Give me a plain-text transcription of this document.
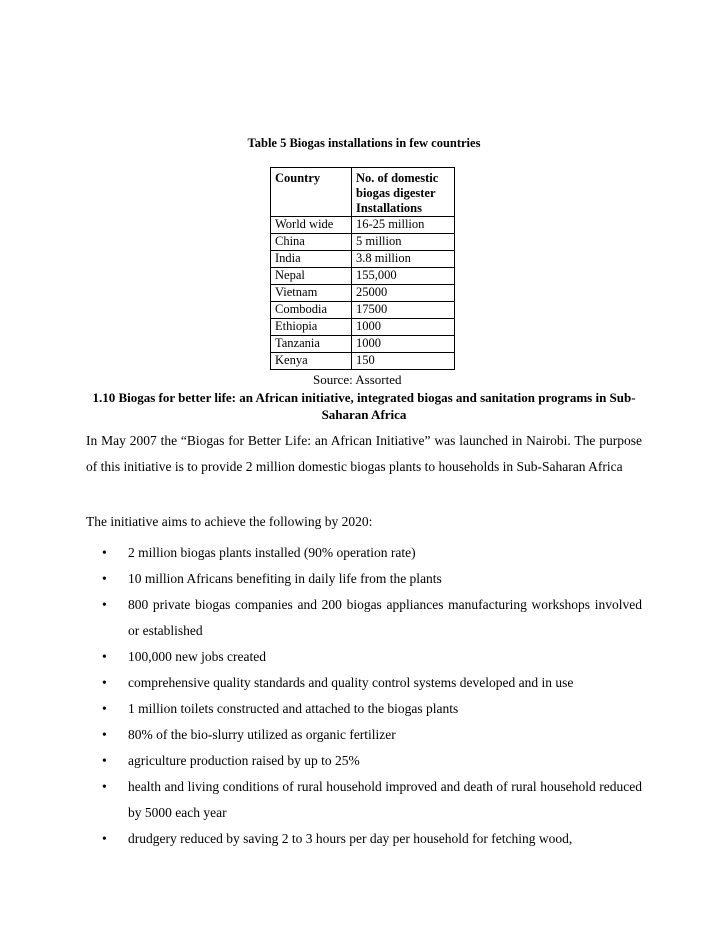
Table 5 Biogas installations in few countries
Country	No. of domestic biogas digester Installations
World wide	16-25 million
China	5 million
India	3.8 million
Nepal	155,000
Vietnam	25000
Combodia	17500
Ethiopia	1000
Tanzania	1000
Kenya	150
Source: Assorted
1.10 Biogas for better life: an African initiative, integrated biogas and sanitation programs in Sub-Saharan Africa
In May 2007 the “Biogas for Better Life: an African Initiative” was launched in Nairobi. The purpose of this initiative is to provide 2 million domestic biogas plants to households in Sub-Saharan Africa
The initiative aims to achieve the following by 2020:
• 2 million biogas plants installed (90% operation rate)
• 10 million Africans benefiting in daily life from the plants
• 800 private biogas companies and 200 biogas appliances manufacturing workshops involved or established
• 100,000 new jobs created
• comprehensive quality standards and quality control systems developed and in use
• 1 million toilets constructed and attached to the biogas plants
• 80% of the bio-slurry utilized as organic fertilizer
• agriculture production raised by up to 25%
• health and living conditions of rural household improved and death of rural household reduced by 5000 each year
• drudgery reduced by saving 2 to 3 hours per day per household for fetching wood,
